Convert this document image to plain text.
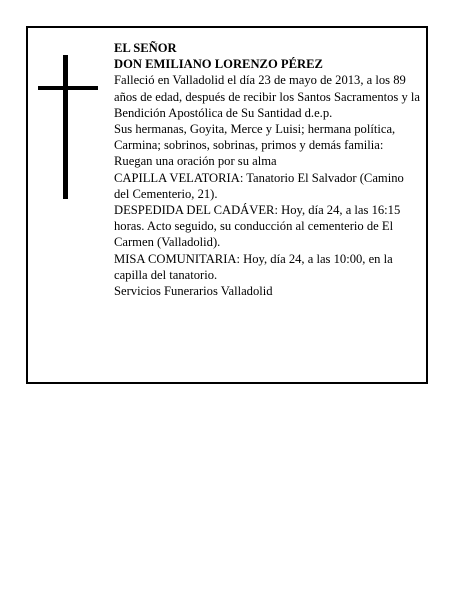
EL SEÑOR

DON EMILIANO LORENZO PÉREZ

Falleció en Valladolid el día 23 de mayo de 2013, a los 89 años de edad, después de recibir los Santos Sacramentos y la Bendición Apostólica de Su Santidad d.e.p.

Sus hermanas, Goyita, Merce y Luisi; hermana política, Carmina; sobrinos, sobrinas, primos y demás familia:

Ruegan una oración por su alma

CAPILLA VELATORIA: Tanatorio El Salvador (Camino del Cementerio, 21).

DESPEDIDA DEL CADÁVER: Hoy, día 24, a las 16:15 horas. Acto seguido, su conducción al cementerio de El Carmen (Valladolid).

MISA COMUNITARIA: Hoy, día 24, a las 10:00, en la capilla del tanatorio.

Servicios Funerarios Valladolid
